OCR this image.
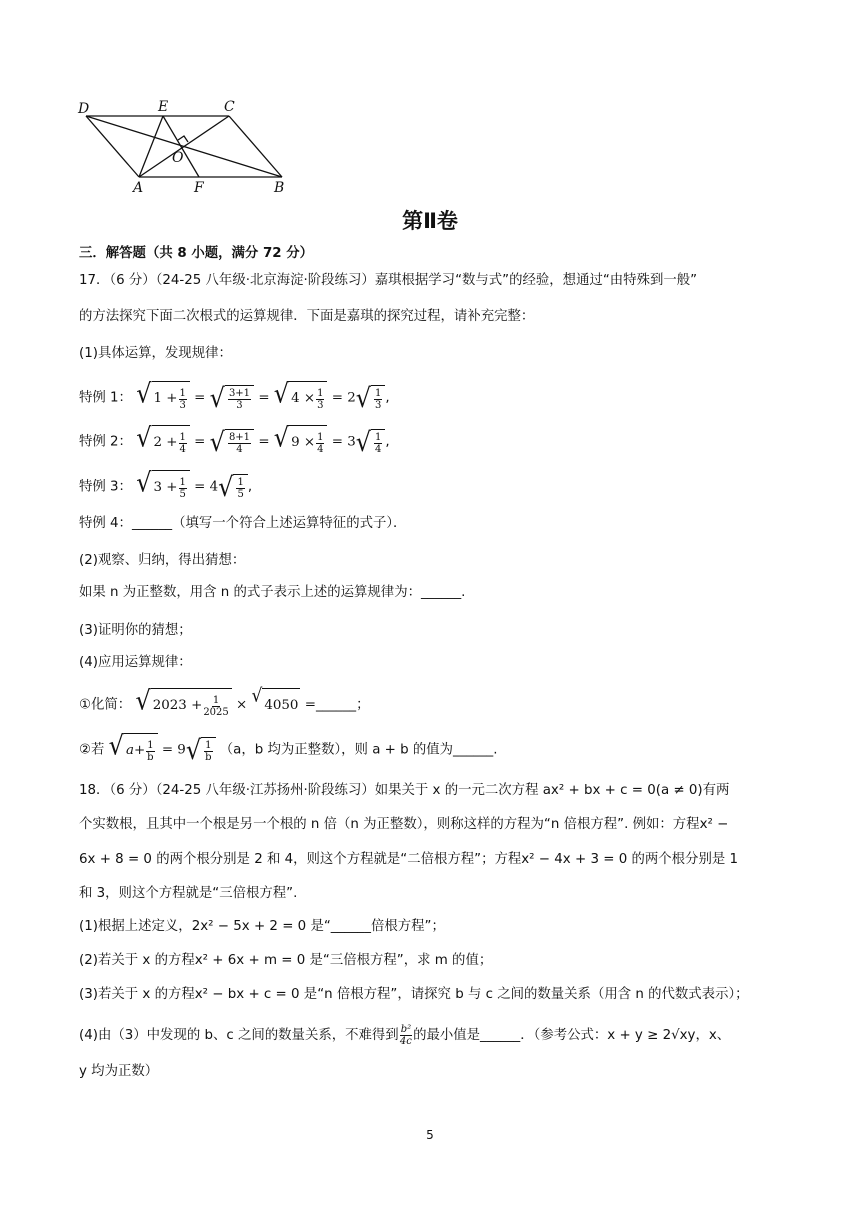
D	E	C
O
A	F	B
第Ⅱ卷
三．解答题（共 8 小题，满分 72 分）
17．（6 分）（24-25 八年级·北京海淀·阶段练习）嘉琪根据学习“数与式”的经验，想通过“由特殊到一般”
的方法探究下面二次根式的运算规律．下面是嘉琪的探究过程，请补充完整：
(1)具体运算，发现规律：
特例 1： √ $1 + \frac{1}{3}$ = √ $\frac{3+1}{3}$ = √ $4 \times \frac{1}{3} = 2$ √ $\frac{1}{3}$ ,
特例 2： √ $2 + \frac{1}{4}$ = √ $\frac{8+1}{4}$ = √ $9 \times \frac{1}{4} = 3$ √ $\frac{1}{4}$ ,
特例 3： √ $3 + \frac{1}{5} = 4$ √ $\frac{1}{5}$ ,
特例 4：______（填写一个符合上述运算特征的式子）．
(2)观察、归纳，得出猜想：
如果 n 为正整数，用含 n 的式子表示上述的运算规律为：______.
(3)证明你的猜想；
(4)应用运算规律：
①化简： √ $2023 + \frac{1}{2025}$ × √ 4050 =______；
②若 √ $a + \frac{1}{b} = 9$ √ $\frac{1}{b} (a$，b 均为正整数），则 a + b 的值为______.
18．（6 分）（24-25 八年级·江苏扬州·阶段练习）如果关于 x 的一元二次方程 ax² + bx + c = 0(a ≠ 0)有两
个实数根，且其中一个根是另一个根的 n 倍（n 为正整数），则称这样的方程为“n 倍根方程”. 例如：方程x² −
6x + 8 = 0 的两个根分别是 2 和 4，则这个方程就是“二倍根方程”；方程x² − 4x + 3 = 0 的两个根分别是 1
和 3，则这个方程就是“三倍根方程”.
(1)根据上述定义，2x² − 5x + 2 = 0 是“______倍根方程”；
(2)若关于 x 的方程x² + 6x + m = 0 是“三倍根方程”，求 m 的值；
(3)若关于 x 的方程x² − bx + c = 0 是“n 倍根方程”，请探究 b 与 c 之间的数量关系（用含 n 的代数式表示）；
(4)由（3）中发现的 b、c 之间的数量关系，不难得到 $\frac{\text{b²}}{4c}$ 的最小值是______．（参考公式：x + y ≥ 2√xy，x、
y 均为正数）
5
